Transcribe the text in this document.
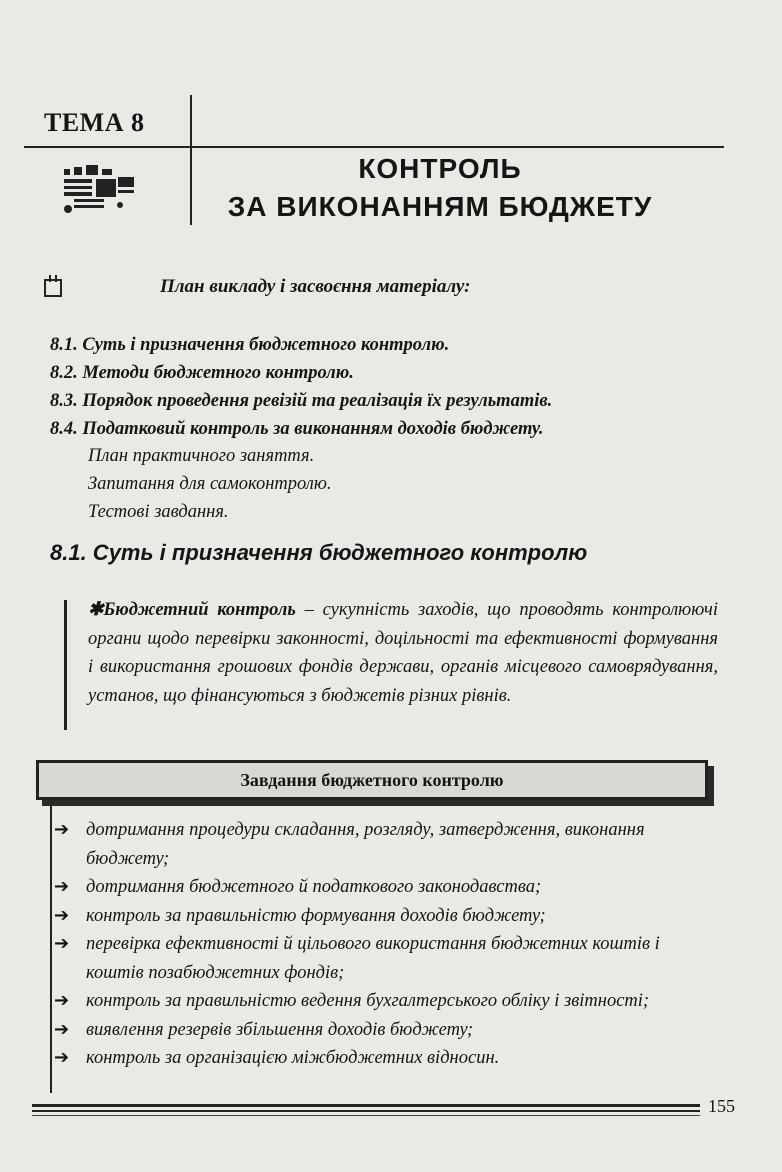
ТЕМА 8
КОНТРОЛЬ
ЗА ВИКОНАННЯМ БЮДЖЕТУ
План викладу і засвоєння матеріалу:
8.1. Суть і призначення бюджетного контролю.
8.2. Методи бюджетного контролю.
8.3. Порядок проведення ревізій та реалізація їх результатів.
8.4. Податковий контроль за виконанням доходів бюджету.
План практичного заняття.
Запитання для самоконтролю.
Тестові завдання.
8.1. Суть і призначення бюджетного контролю
✱Бюджетний контроль – сукупність заходів, що проводять контролюючі органи щодо перевірки законності, доцільності та ефективності формування і використання грошових фондів держави, органів місцевого самоврядування, установ, що фінансуються з бюджетів різних рівнів.
Завдання бюджетного контролю
➔ дотримання процедури складання, розгляду, затвердження, виконання бюджету;
➔ дотримання бюджетного й податкового законодавства;
➔ контроль за правильністю формування доходів бюджету;
➔ перевірка ефективності й цільового використання бюджетних коштів і коштів позабюджетних фондів;
➔ контроль за правильністю ведення бухгалтерського обліку і звітності;
➔ виявлення резервів збільшення доходів бюджету;
➔ контроль за організацією міжбюджетних відносин.
155
